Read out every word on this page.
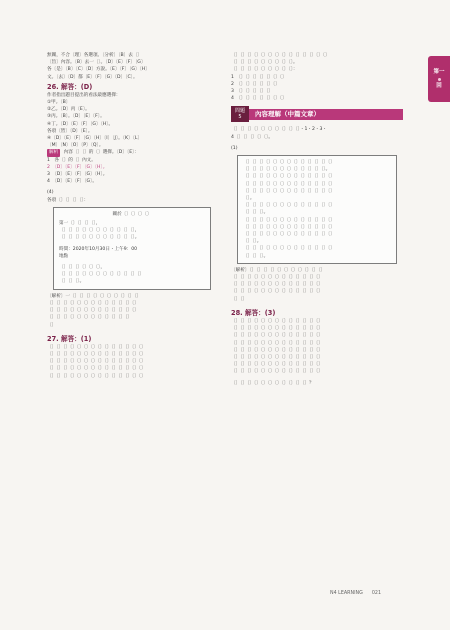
無關，不合〔理〕各選項。〔分析〕〔B〕去〔〕
〔旨〕內容。〔B〕去一〔〕。〔D〕〔E〕〔F〕〔G〕
各〔是〕〔B〕〔C〕〔D〕方說。〔E〕〔F〕〔G〕〔H〕
文。〔去〕〔D〕都〔E〕〔F〕〔G〕〔D〕〔C〕。
26. 解答：(D)
作者指出題目提出的看法最應選擇：
①甲。〔B〕
②乙。〔D〕丙〔E〕。
③丙。〔B〕。〔D〕〔E〕〔F〕。
④丁。〔D〕〔E〕〔F〕〔G〕〔H〕。
各項〔皆〕〔D〕〔E〕。
④〔D〕〔E〕〔F〕〔G〕〔H〕〔I〕〔J〕。〔K〕〔L〕
〔M〕〔N〕〔O〕〔P〕〔Q〕。
解析 內容〔〕〔〕的〔〕選擇。〔D〕〔E〕：
1　各〔〕的〔〕內文。
2　〔D〕〔E〕〔F〕〔G〕〔H〕。
3　〔D〕〔E〕〔F〕〔G〕〔H〕。
4　〔D〕〔E〕〔F〕〔G〕。
(4)
各項〔〕〔〕〔〕〔〕：
關於〔〕〔〕〔〕〔〕
第一〔〕〔〕〔〕〔〕，
〔〕〔〕〔〕〔〕〔〕〔〕〔〕〔〕〔〕〔〕〔〕，
〔〕〔〕〔〕〔〕〔〕〔〕〔〕〔〕〔〕〔〕〔〕。
時間：2020年10月30日・上午9：00
地點
〔〕〔〕〔〕〔〕〔〕〔〕，
〔〕〔〕〔〕〔〕〔〕〔〕〔〕〔〕〔〕〔〕〔〕〔〕
〔〕〔〕〔〕。
〔解析〕一〔〕〔〕〔〕〔〕〔〕〔〕〔〕〔〕〔〕〔〕
〔〕〔〕〔〕〔〕〔〕〔〕〔〕〔〕〔〕〔〕〔〕〔〕〔〕
〔〕〔〕〔〕〔〕〔〕〔〕〔〕〔〕〔〕〔〕〔〕〔〕〔〕
〔〕〔〕〔〕〔〕〔〕〔〕〔〕〔〕〔〕〔〕〔〕〔〕
〔〕
27. 解答：(1)
〔〕〔〕〔〕〔〕〔〕〔〕〔〕〔〕〔〕〔〕〔〕〔〕〔〕〔〕
〔〕〔〕〔〕〔〕〔〕〔〕〔〕〔〕〔〕〔〕〔〕〔〕〔〕〔〕
〔〕〔〕〔〕〔〕〔〕〔〕〔〕〔〕〔〕〔〕〔〕〔〕〔〕〔〕
〔〕〔〕〔〕〔〕〔〕〔〕〔〕〔〕〔〕〔〕〔〕〔〕〔〕〔〕
〔〕〔〕〔〕〔〕〔〕〔〕〔〕〔〕〔〕〔〕〔〕〔〕〔〕〔〕
〔〕〔〕〔〕〔〕〔〕〔〕〔〕〔〕〔〕〔〕〔〕〔〕〔〕〔〕
〔〕〔〕〔〕〔〕〔〕〔〕〔〕〔〕〔〕。
〔〕〔〕〔〕〔〕〔〕〔〕〔〕〔〕〔〕：
1　〔〕〔〕〔〕〔〕〔〕〔〕〔〕
2　〔〕〔〕〔〕〔〕〔〕〔〕
3　〔〕〔〕〔〕〔〕〔〕
4　〔〕〔〕〔〕〔〕〔〕〔〕〔〕
問題 5	內容理解（中篇文章）
〔〕〔〕〔〕〔〕〔〕〔〕〔〕〔〕〔〕〔〕・1・2・3・
4〔〕〔〕〔〕〔〕〔〕。
(1)
〔〕〔〕〔〕〔〕〔〕〔〕〔〕〔〕〔〕〔〕〔〕〔〕〔〕
〔〕〔〕〔〕〔〕〔〕〔〕〔〕〔〕〔〕〔〕〔〕〔〕。
〔〕〔〕〔〕〔〕〔〕〔〕〔〕〔〕〔〕〔〕〔〕〔〕〔〕
〔〕〔〕〔〕〔〕〔〕〔〕〔〕〔〕〔〕〔〕〔〕〔〕〔〕
〔〕〔〕〔〕〔〕〔〕〔〕〔〕〔〕〔〕〔〕〔〕〔〕〔〕
〔〕。
〔〕〔〕〔〕〔〕〔〕〔〕〔〕〔〕〔〕〔〕〔〕〔〕〔〕
〔〕〔〕〔〕。
〔〕〔〕〔〕〔〕〔〕〔〕〔〕〔〕〔〕〔〕〔〕〔〕〔〕
〔〕〔〕〔〕〔〕〔〕〔〕〔〕〔〕〔〕〔〕〔〕〔〕〔〕
〔〕〔〕〔〕〔〕〔〕〔〕〔〕〔〕〔〕〔〕〔〕〔〕〔〕
〔〕〔〕。
〔〕〔〕〔〕〔〕〔〕〔〕〔〕〔〕〔〕〔〕〔〕〔〕〔〕
〔〕〔〕〔〕。
〔解析〕〔〕〔〕〔〕〔〕〔〕〔〕〔〕〔〕〔〕〔〕〔〕
〔〕〔〕〔〕〔〕〔〕〔〕〔〕〔〕〔〕〔〕〔〕〔〕〔〕
〔〕〔〕〔〕〔〕〔〕〔〕〔〕〔〕〔〕〔〕〔〕〔〕〔〕
〔〕〔〕〔〕〔〕〔〕〔〕〔〕〔〕〔〕〔〕〔〕〔〕〔〕
〔〕〔〕
28. 解答：(3)
〔〕〔〕〔〕〔〕〔〕〔〕〔〕〔〕〔〕〔〕〔〕〔〕〔〕
〔〕〔〕〔〕〔〕〔〕〔〕〔〕〔〕〔〕〔〕〔〕〔〕〔〕
〔〕〔〕〔〕〔〕〔〕〔〕〔〕〔〕〔〕〔〕〔〕〔〕〔〕
〔〕〔〕〔〕〔〕〔〕〔〕〔〕〔〕〔〕〔〕〔〕〔〕〔〕
〔〕〔〕〔〕〔〕〔〕〔〕〔〕〔〕〔〕〔〕〔〕〔〕〔〕
〔〕〔〕〔〕〔〕〔〕〔〕〔〕〔〕〔〕〔〕〔〕〔〕〔〕
〔〕〔〕〔〕〔〕〔〕〔〕〔〕〔〕〔〕〔〕〔〕〔〕〔〕
〔〕〔〕〔〕〔〕〔〕〔〕〔〕〔〕〔〕〔〕〔〕〔〕〔〕
〔〕〔〕〔〕〔〕〔〕〔〕〔〕〔〕〔〕〔〕〔〕？
第一
回
N4 LEARNING 021
